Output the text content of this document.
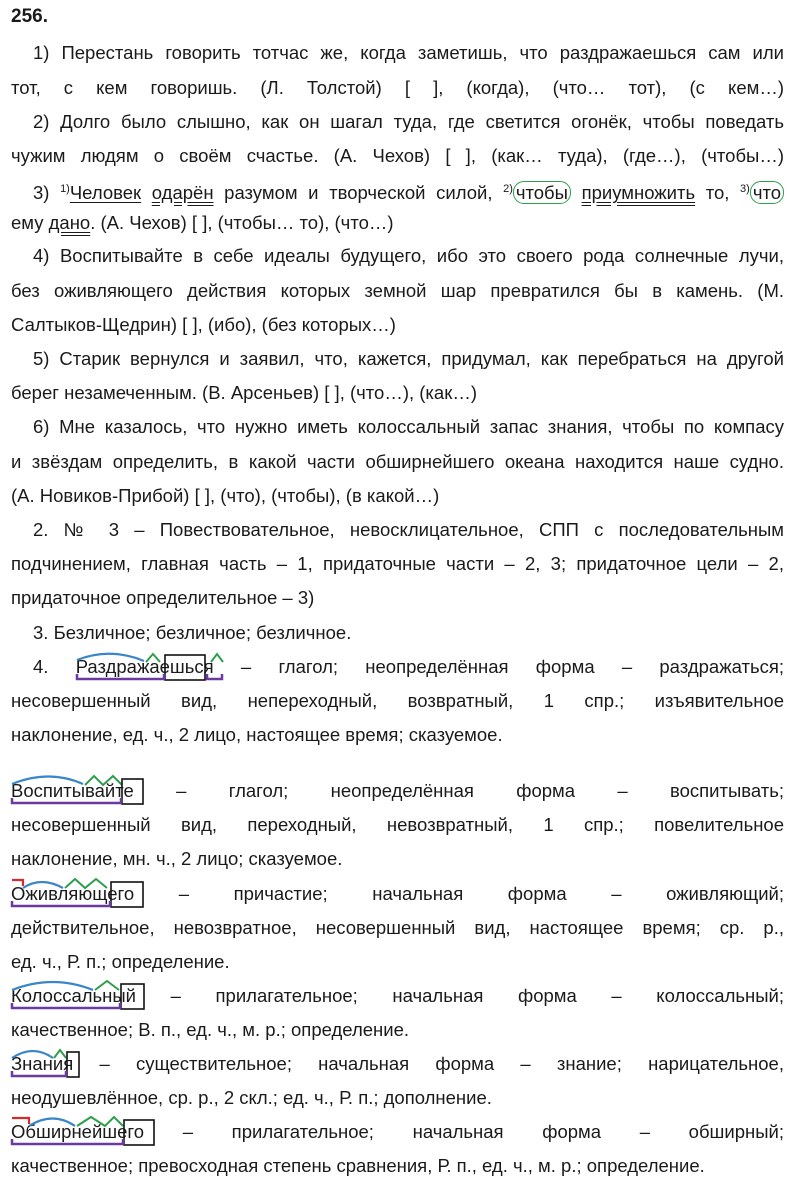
256.
1) Перестань говорить тотчас же, когда заметишь, что раздражаешься сам или
тот, с кем говоришь. (Л. Толстой) [ ], (когда), (что… тот), (с кем…)
2) Долго было слышно, как он шагал туда, где светится огонёк, чтобы поведать
чужим людям о своём счастье. (А. Чехов) [ ], (как… туда), (где…), (чтобы…)
3) $^{1)}$Человек одарён разумом и творческой силой, $^{2)}$ чтобы приумножить то, $^{3)}$ что
ему дано. (А. Чехов) [ ], (чтобы… то), (что…)
4) Воспитывайте в себе идеалы будущего, ибо это своего рода солнечные лучи,
без оживляющего действия которых земной шар превратился бы в камень. (М.
Салтыков-Щедрин) [ ], (ибо), (без которых…)
5) Старик вернулся и заявил, что, кажется, придумал, как перебраться на другой
берег незамеченным. (В. Арсеньев) [ ], (что…), (как…)
6) Мне казалось, что нужно иметь колоссальный запас знания, чтобы по компасу
и звёздам определить, в какой части обширнейшего океана находится наше судно.
(А. Новиков-Прибой) [ ], (что), (чтобы), (в какой…)
2. № 3 – Повествовательное, невосклицательное, СПП с последовательным
подчинением, главная часть – 1, придаточные части – 2, 3; придаточное цели – 2,
придаточное определительное – 3)
3. Безличное; безличное; безличное.
4. Раздражаешься
– глагол; неопределённая форма – раздражаться;
несовершенный вид, непереходный, возвратный, 1 спр.; изъявительное
наклонение, ед. ч., 2 лицо, настоящее время; сказуемое.
Воспитывайте
– глагол; неопределённая форма – воспитывать;
несовершенный вид, переходный, невозвратный, 1 спр.; повелительное
наклонение, мн. ч., 2 лицо; сказуемое.
Оживляющего
– причастие; начальная форма – оживляющий;
действительное, невозвратное, несовершенный вид, настоящее время; ср. р.,
ед. ч., Р. п.; определение.
Колоссальный
– прилагательное; начальная форма – колоссальный;
качественное; В. п., ед. ч., м. р.; определение.
Знания
– существительное; начальная форма – знание; нарицательное,
неодушевлённое, ср. р., 2 скл.; ед. ч., Р. п.; дополнение.
Обширнейшего
– прилагательное; начальная форма – обширный;
качественное; превосходная степень сравнения, Р. п., ед. ч., м. р.; определение.
